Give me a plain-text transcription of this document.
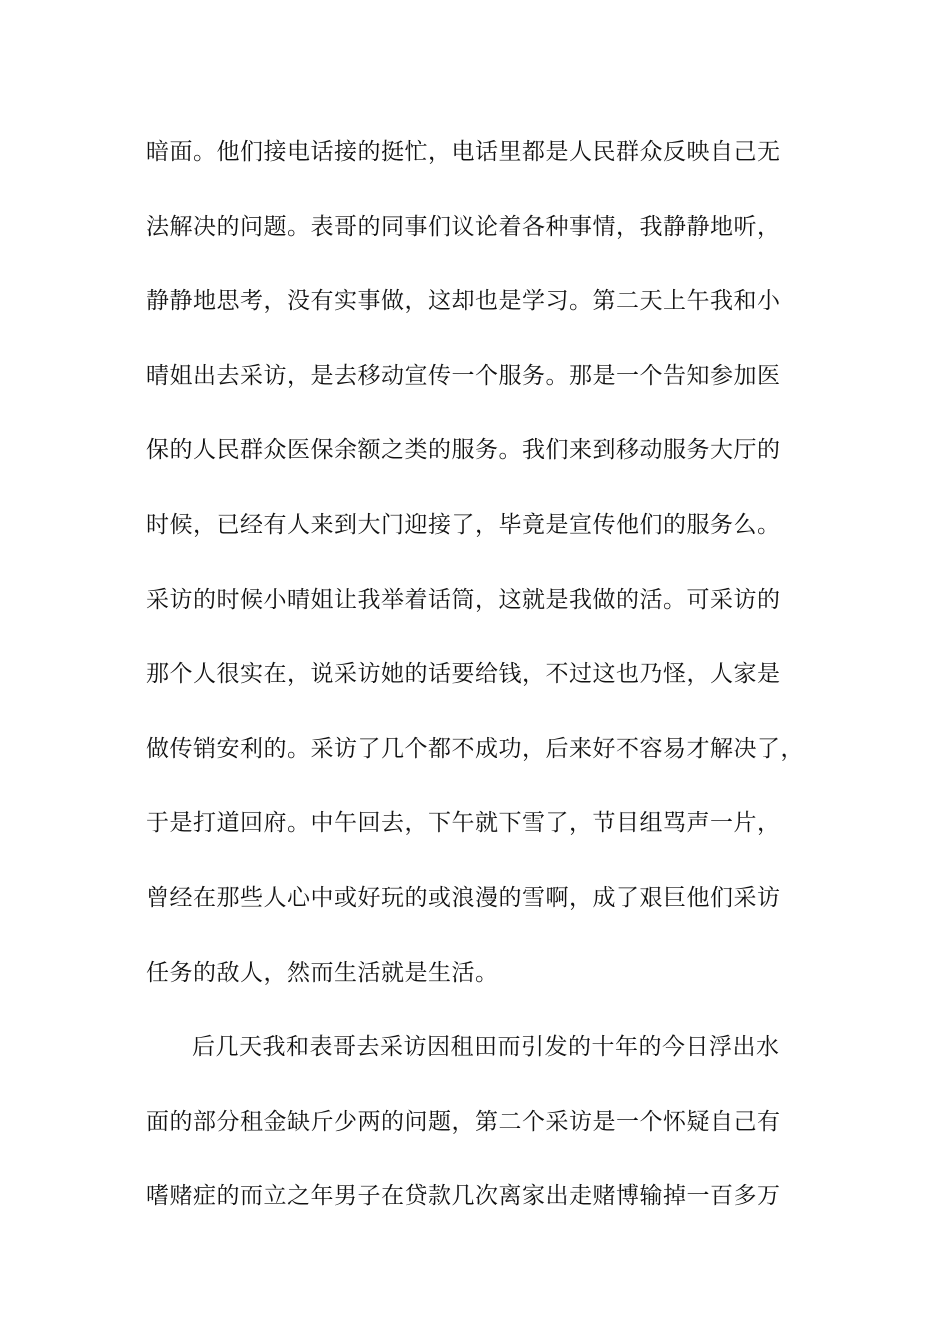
暗面。他们接电话接的挺忙，电话里都是人民群众反映自己无
法解决的问题。表哥的同事们议论着各种事情，我静静地听，
静静地思考，没有实事做，这却也是学习。第二天上午我和小
晴姐出去采访，是去移动宣传一个服务。那是一个告知参加医
保的人民群众医保余额之类的服务。我们来到移动服务大厅的
时候，已经有人来到大门迎接了，毕竟是宣传他们的服务么。
采访的时候小晴姐让我举着话筒，这就是我做的活。可采访的
那个人很实在，说采访她的话要给钱，不过这也乃怪，人家是
做传销安利的。采访了几个都不成功，后来好不容易才解决了，
于是打道回府。中午回去，下午就下雪了，节目组骂声一片，
曾经在那些人心中或好玩的或浪漫的雪啊，成了艰巨他们采访
任务的敌人，然而生活就是生活。
后几天我和表哥去采访因租田而引发的十年的今日浮出水
面的部分租金缺斤少两的问题，第二个采访是一个怀疑自己有
嗜赌症的而立之年男子在贷款几次离家出走赌博输掉一百多万
